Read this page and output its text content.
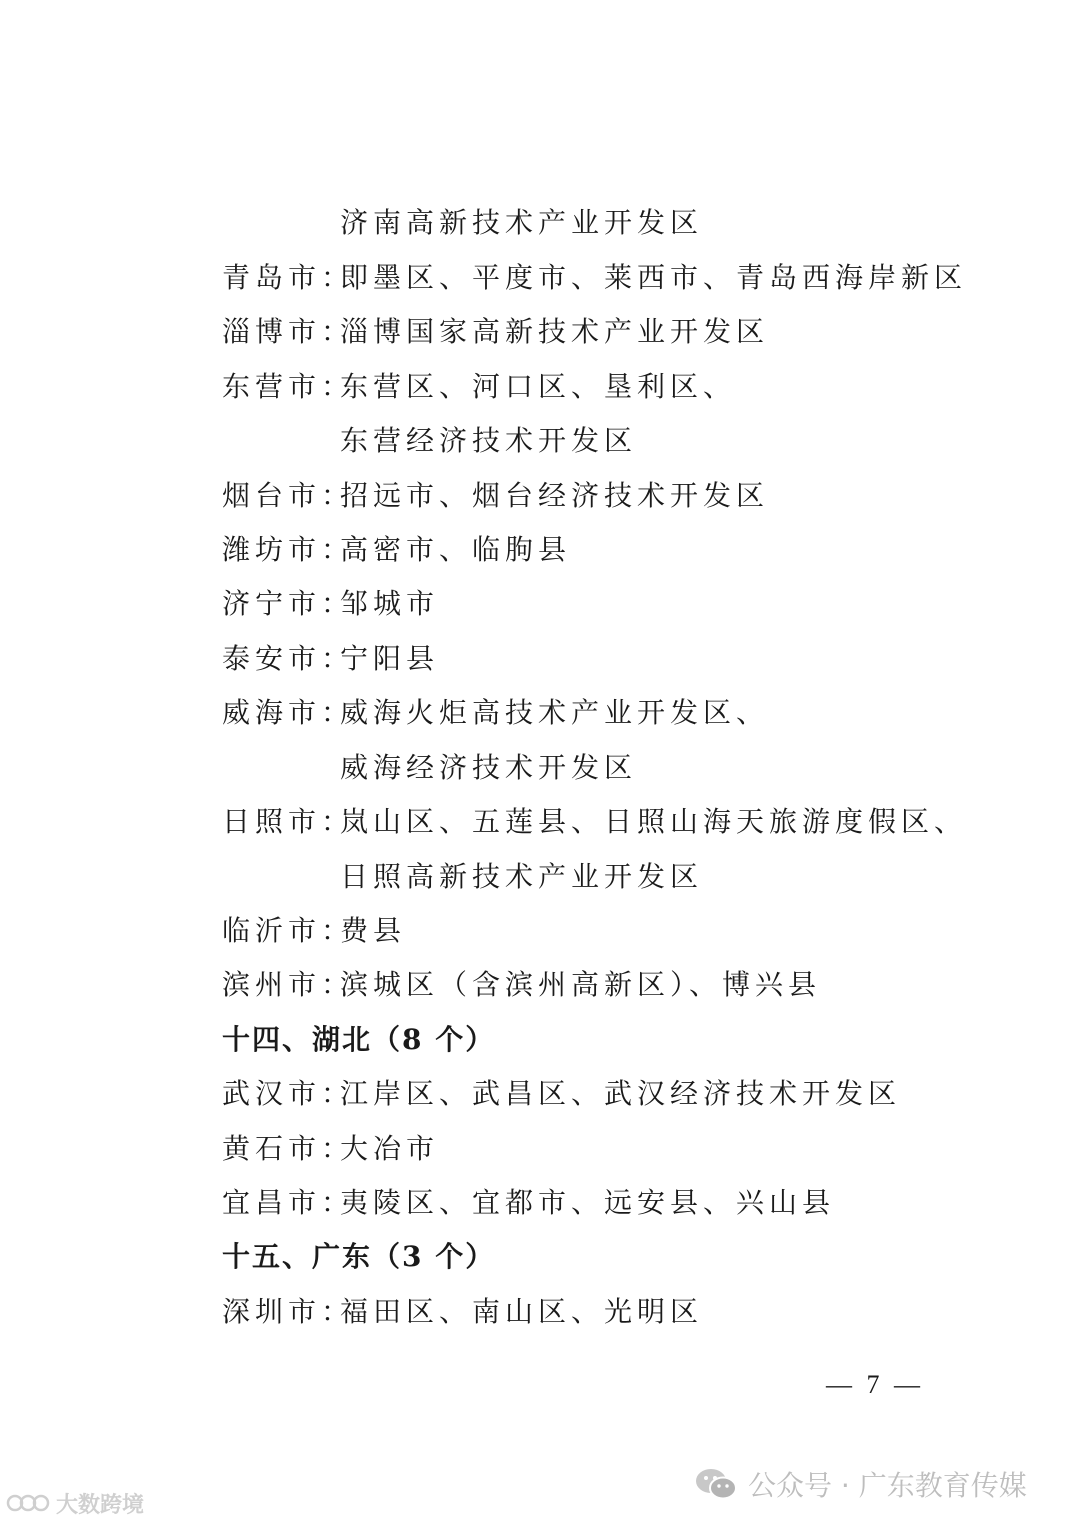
济南高新技术产业开发区
青岛市：即墨区、平度市、莱西市、青岛西海岸新区
淄博市：淄博国家高新技术产业开发区
东营市：东营区、河口区、垦利区、
东营经济技术开发区
烟台市：招远市、烟台经济技术开发区
潍坊市：高密市、临朐县
济宁市：邹城市
泰安市：宁阳县
威海市：威海火炬高技术产业开发区、
威海经济技术开发区
日照市：岚山区、五莲县、日照山海天旅游度假区、
日照高新技术产业开发区
临沂市：费县
滨州市：滨城区（含滨州高新区）、博兴县
十四、湖北（8 个）
武汉市：江岸区、武昌区、武汉经济技术开发区
黄石市：大冶市
宜昌市：夷陵区、宜都市、远安县、兴山县
十五、广东（3 个）
深圳市：福田区、南山区、光明区
— 7 —
公众号 · 广东教育传媒
大数跨境
